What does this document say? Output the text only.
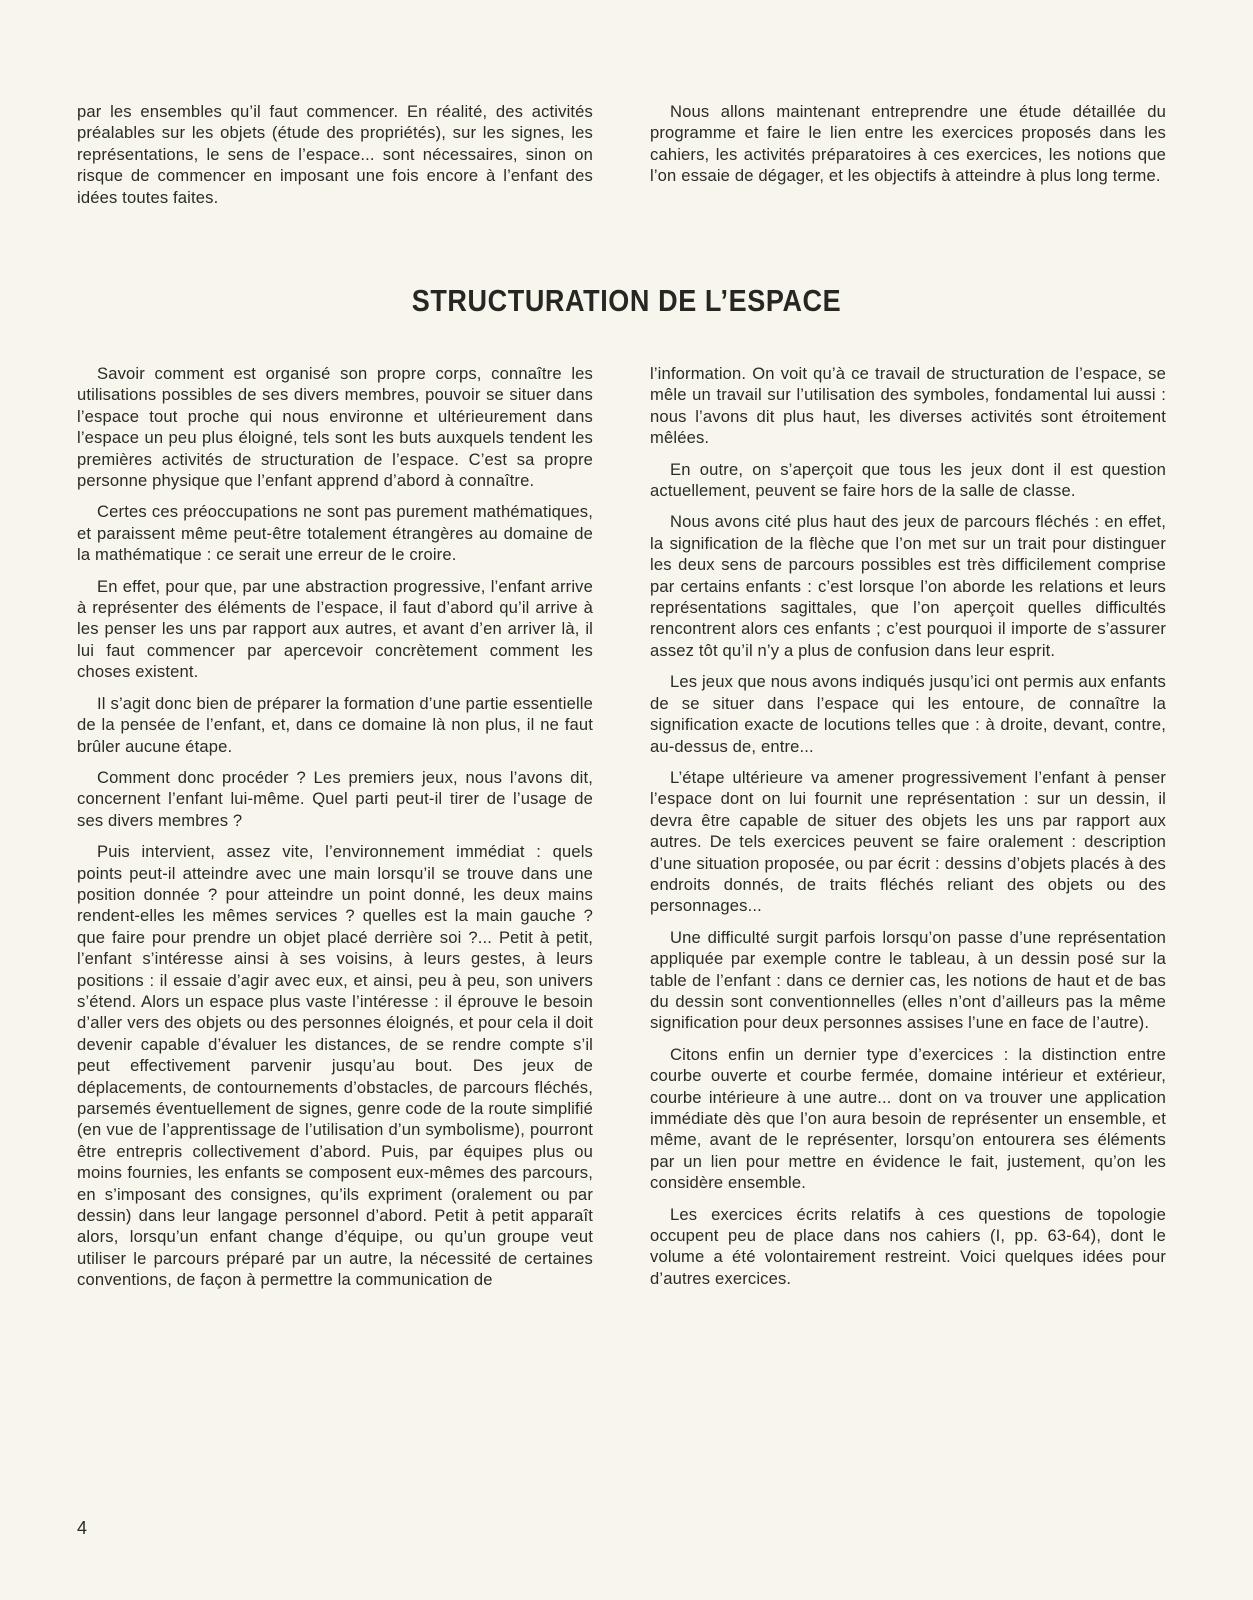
par les ensembles qu’il faut commencer. En réalité, des activités préalables sur les objets (étude des propriétés), sur les signes, les représentations, le sens de l’espace... sont nécessaires, sinon on risque de commencer en imposant une fois encore à l’enfant des idées toutes faites.

Nous allons maintenant entreprendre une étude détaillée du programme et faire le lien entre les exercices proposés dans les cahiers, les activités préparatoires à ces exercices, les notions que l’on essaie de dégager, et les objectifs à atteindre à plus long terme.

STRUCTURATION DE L’ESPACE

Savoir comment est organisé son propre corps, connaître les utilisations possibles de ses divers membres, pouvoir se situer dans l’espace tout proche qui nous environne et ultérieurement dans l’espace un peu plus éloigné, tels sont les buts auxquels tendent les premières activités de structuration de l’espace. C’est sa propre personne physique que l’enfant apprend d’abord à connaître.

Certes ces préoccupations ne sont pas purement mathématiques, et paraissent même peut-être totalement étrangères au domaine de la mathématique : ce serait une erreur de le croire.

En effet, pour que, par une abstraction progressive, l’enfant arrive à représenter des éléments de l’espace, il faut d’abord qu’il arrive à les penser les uns par rapport aux autres, et avant d’en arriver là, il lui faut commencer par apercevoir concrètement comment les choses existent.

Il s’agit donc bien de préparer la formation d’une partie essentielle de la pensée de l’enfant, et, dans ce domaine là non plus, il ne faut brûler aucune étape.

Comment donc procéder ? Les premiers jeux, nous l’avons dit, concernent l’enfant lui-même. Quel parti peut-il tirer de l’usage de ses divers membres ?

Puis intervient, assez vite, l’environnement immédiat : quels points peut-il atteindre avec une main lorsqu’il se trouve dans une position donnée ? pour atteindre un point donné, les deux mains rendent-elles les mêmes services ? quelles est la main gauche ? que faire pour prendre un objet placé derrière soi ?... Petit à petit, l’enfant s’intéresse ainsi à ses voisins, à leurs gestes, à leurs positions : il essaie d’agir avec eux, et ainsi, peu à peu, son univers s’étend. Alors un espace plus vaste l’intéresse : il éprouve le besoin d’aller vers des objets ou des personnes éloignés, et pour cela il doit devenir capable d’évaluer les distances, de se rendre compte s’il peut effectivement parvenir jusqu’au bout. Des jeux de déplacements, de contournements d’obstacles, de parcours fléchés, parsemés éventuellement de signes, genre code de la route simplifié (en vue de l’apprentissage de l’utilisation d’un symbolisme), pourront être entrepris collectivement d’abord. Puis, par équipes plus ou moins fournies, les enfants se composent eux-mêmes des parcours, en s’imposant des consignes, qu’ils expriment (oralement ou par dessin) dans leur langage personnel d’abord. Petit à petit apparaît alors, lorsqu’un enfant change d’équipe, ou qu’un groupe veut utiliser le parcours préparé par un autre, la nécessité de certaines conventions, de façon à permettre la communication de

l’information. On voit qu’à ce travail de structuration de l’espace, se mêle un travail sur l’utilisation des symboles, fondamental lui aussi : nous l’avons dit plus haut, les diverses activités sont étroitement mêlées.

En outre, on s’aperçoit que tous les jeux dont il est question actuellement, peuvent se faire hors de la salle de classe.

Nous avons cité plus haut des jeux de parcours fléchés : en effet, la signification de la flèche que l’on met sur un trait pour distinguer les deux sens de parcours possibles est très difficilement comprise par certains enfants : c’est lorsque l’on aborde les relations et leurs représentations sagittales, que l’on aperçoit quelles difficultés rencontrent alors ces enfants ; c’est pourquoi il importe de s’assurer assez tôt qu’il n’y a plus de confusion dans leur esprit.

Les jeux que nous avons indiqués jusqu’ici ont permis aux enfants de se situer dans l’espace qui les entoure, de connaître la signification exacte de locutions telles que : à droite, devant, contre, au-dessus de, entre...

L’étape ultérieure va amener progressivement l’enfant à penser l’espace dont on lui fournit une représentation : sur un dessin, il devra être capable de situer des objets les uns par rapport aux autres. De tels exercices peuvent se faire oralement : description d’une situation proposée, ou par écrit : dessins d’objets placés à des endroits donnés, de traits fléchés reliant des objets ou des personnages...

Une difficulté surgit parfois lorsqu’on passe d’une représentation appliquée par exemple contre le tableau, à un dessin posé sur la table de l’enfant : dans ce dernier cas, les notions de haut et de bas du dessin sont conventionnelles (elles n’ont d’ailleurs pas la même signification pour deux personnes assises l’une en face de l’autre).

Citons enfin un dernier type d’exercices : la distinction entre courbe ouverte et courbe fermée, domaine intérieur et extérieur, courbe intérieure à une autre... dont on va trouver une application immédiate dès que l’on aura besoin de représenter un ensemble, et même, avant de le représenter, lorsqu’on entourera ses éléments par un lien pour mettre en évidence le fait, justement, qu’on les considère ensemble.

Les exercices écrits relatifs à ces questions de topologie occupent peu de place dans nos cahiers (I, pp. 63-64), dont le volume a été volontairement restreint. Voici quelques idées pour d’autres exercices.

4
